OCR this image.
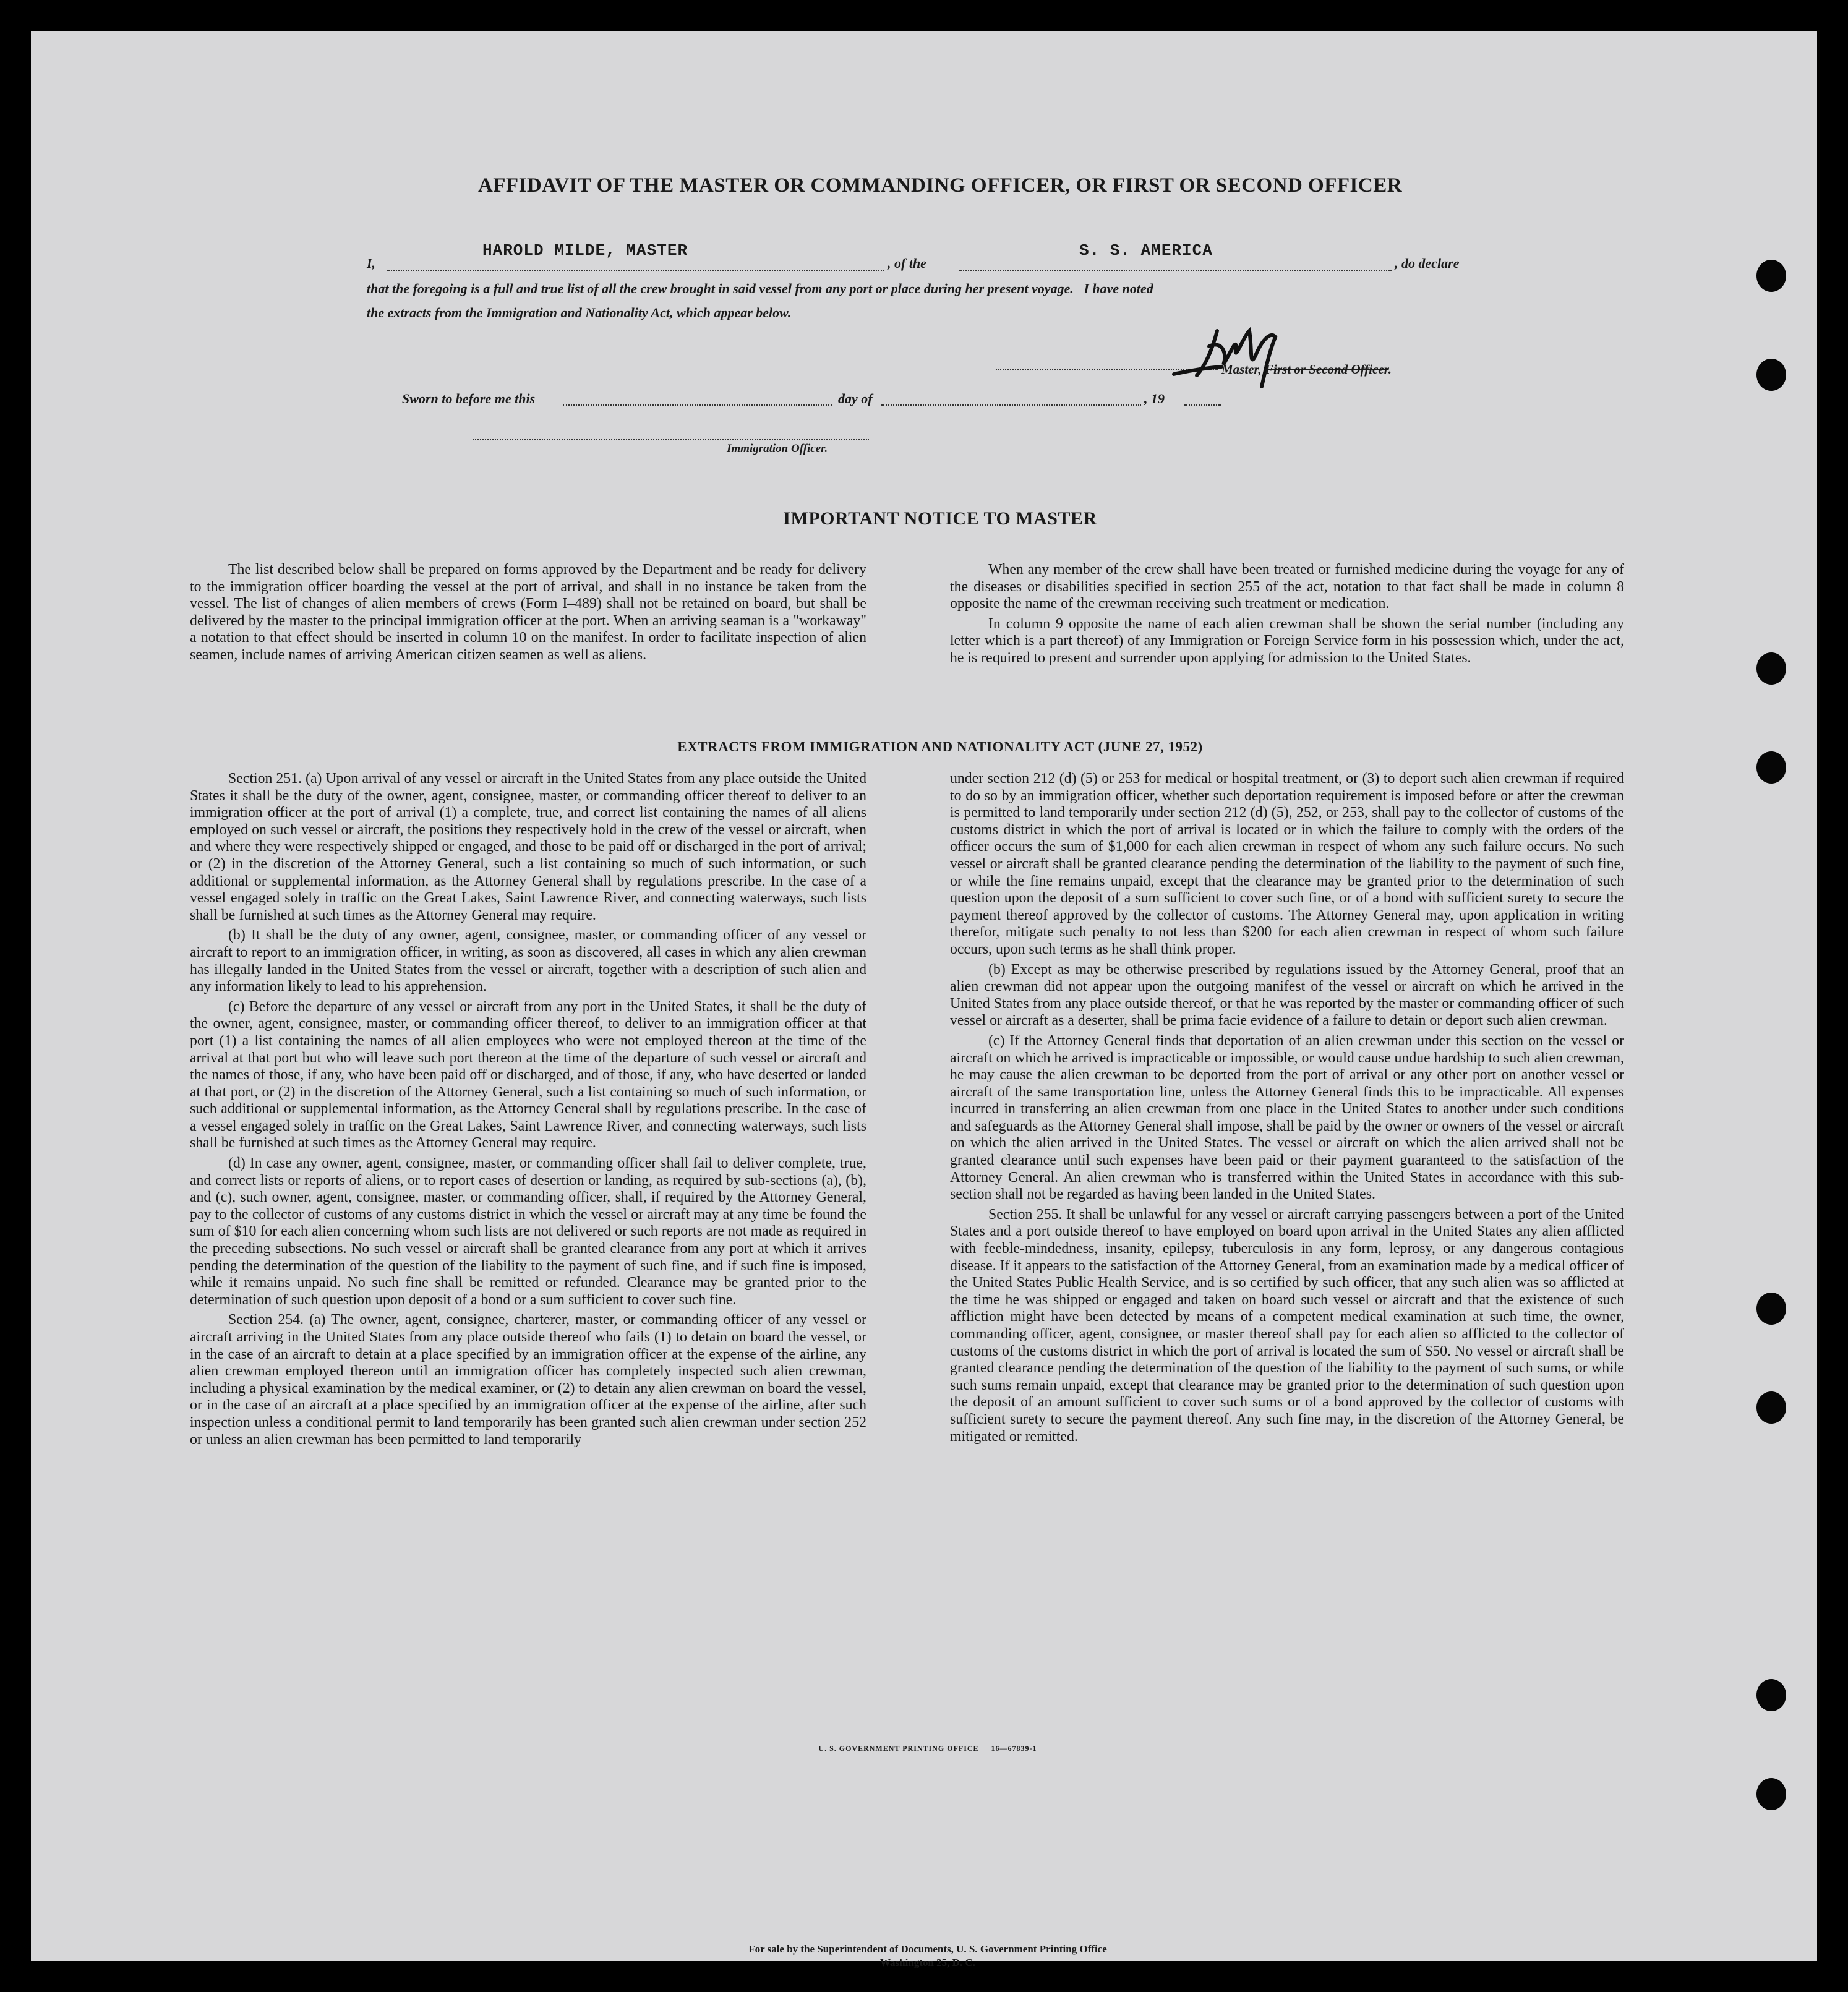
AFFIDAVIT OF THE MASTER OR COMMANDING OFFICER, OR FIRST OR SECOND OFFICER
I,
HAROLD MILDE, MASTER
, of the
S. S. AMERICA
, do declare
that the foregoing is a full and true list of all the crew brought in said vessel from any port or place during her present voyage.   I have noted
the extracts from the Immigration and Nationality Act, which appear below.
Master, First or Second Officer.
Sworn to before me this	day of	, 19
Immigration Officer.
IMPORTANT NOTICE TO MASTER

The list described below shall be prepared on forms approved by the Department and be ready for delivery to the immigration officer boarding the vessel at the port of arrival, and shall in no instance be taken from the vessel. The list of changes of alien members of crews (Form I–489) shall not be retained on board, but shall be delivered by the master to the principal immigration officer at the port. When an arriving seaman is a "workaway" a notation to that effect should be inserted in column 10 on the manifest. In order to facilitate inspection of alien seamen, include names of arriving American citizen seamen as well as aliens.

When any member of the crew shall have been treated or furnished medicine during the voyage for any of the diseases or disabilities specified in section 255 of the act, notation to that fact shall be made in column 8 opposite the name of the crewman receiving such treatment or medication.

In column 9 opposite the name of each alien crewman shall be shown the serial number (including any letter which is a part thereof) of any Immigration or Foreign Service form in his possession which, under the act, he is required to present and surrender upon applying for admission to the United States.

EXTRACTS FROM IMMIGRATION AND NATIONALITY ACT (JUNE 27, 1952)

Section 251. (a) Upon arrival of any vessel or aircraft in the United States from any place outside the United States it shall be the duty of the owner, agent, consignee, master, or commanding officer thereof to deliver to an immigration officer at the port of arrival (1) a complete, true, and correct list containing the names of all aliens employed on such vessel or aircraft, the positions they respectively hold in the crew of the vessel or aircraft, when and where they were respectively shipped or engaged, and those to be paid off or discharged in the port of arrival; or (2) in the discretion of the Attorney General, such a list containing so much of such information, or such additional or supplemental information, as the Attorney General shall by regulations prescribe. In the case of a vessel engaged solely in traffic on the Great Lakes, Saint Lawrence River, and connecting waterways, such lists shall be furnished at such times as the Attorney General may require.

(b) It shall be the duty of any owner, agent, consignee, master, or commanding officer of any vessel or aircraft to report to an immigration officer, in writing, as soon as discovered, all cases in which any alien crewman has illegally landed in the United States from the vessel or aircraft, together with a description of such alien and any information likely to lead to his apprehension.

(c) Before the departure of any vessel or aircraft from any port in the United States, it shall be the duty of the owner, agent, consignee, master, or commanding officer thereof, to deliver to an immigration officer at that port (1) a list containing the names of all alien employees who were not employed thereon at the time of the arrival at that port but who will leave such port thereon at the time of the departure of such vessel or aircraft and the names of those, if any, who have been paid off or discharged, and of those, if any, who have deserted or landed at that port, or (2) in the discretion of the Attorney General, such a list containing so much of such information, or such additional or supplemental information, as the Attorney General shall by regulations prescribe. In the case of a vessel engaged solely in traffic on the Great Lakes, Saint Lawrence River, and connecting waterways, such lists shall be furnished at such times as the Attorney General may require.

(d) In case any owner, agent, consignee, master, or commanding officer shall fail to deliver complete, true, and correct lists or reports of aliens, or to report cases of desertion or landing, as required by sub-sections (a), (b), and (c), such owner, agent, consignee, master, or commanding officer, shall, if required by the Attorney General, pay to the collector of customs of any customs district in which the vessel or aircraft may at any time be found the sum of $10 for each alien concerning whom such lists are not delivered or such reports are not made as required in the preceding subsections. No such vessel or aircraft shall be granted clearance from any port at which it arrives pending the determination of the question of the liability to the payment of such fine, and if such fine is imposed, while it remains unpaid. No such fine shall be remitted or refunded. Clearance may be granted prior to the determination of such question upon deposit of a bond or a sum sufficient to cover such fine.

Section 254. (a) The owner, agent, consignee, charterer, master, or commanding officer of any vessel or aircraft arriving in the United States from any place outside thereof who fails (1) to detain on board the vessel, or in the case of an aircraft to detain at a place specified by an immigration officer at the expense of the airline, any alien crewman employed thereon until an immigration officer has completely inspected such alien crewman, including a physical examination by the medical examiner, or (2) to detain any alien crewman on board the vessel, or in the case of an aircraft at a place specified by an immigration officer at the expense of the airline, after such inspection unless a conditional permit to land temporarily has been granted such alien crewman under section 252 or unless an alien crewman has been permitted to land temporarily

under section 212 (d) (5) or 253 for medical or hospital treatment, or (3) to deport such alien crewman if required to do so by an immigration officer, whether such deportation requirement is imposed before or after the crewman is permitted to land temporarily under section 212 (d) (5), 252, or 253, shall pay to the collector of customs of the customs district in which the port of arrival is located or in which the failure to comply with the orders of the officer occurs the sum of $1,000 for each alien crewman in respect of whom any such failure occurs. No such vessel or aircraft shall be granted clearance pending the determination of the liability to the payment of such fine, or while the fine remains unpaid, except that the clearance may be granted prior to the determination of such question upon the deposit of a sum sufficient to cover such fine, or of a bond with sufficient surety to secure the payment thereof approved by the collector of customs. The Attorney General may, upon application in writing therefor, mitigate such penalty to not less than $200 for each alien crewman in respect of whom such failure occurs, upon such terms as he shall think proper.

(b) Except as may be otherwise prescribed by regulations issued by the Attorney General, proof that an alien crewman did not appear upon the outgoing manifest of the vessel or aircraft on which he arrived in the United States from any place outside thereof, or that he was reported by the master or commanding officer of such vessel or aircraft as a deserter, shall be prima facie evidence of a failure to detain or deport such alien crewman.

(c) If the Attorney General finds that deportation of an alien crewman under this section on the vessel or aircraft on which he arrived is impracticable or impossible, or would cause undue hardship to such alien crewman, he may cause the alien crewman to be deported from the port of arrival or any other port on another vessel or aircraft of the same transportation line, unless the Attorney General finds this to be impracticable. All expenses incurred in transferring an alien crewman from one place in the United States to another under such conditions and safeguards as the Attorney General shall impose, shall be paid by the owner or owners of the vessel or aircraft on which the alien arrived in the United States. The vessel or aircraft on which the alien arrived shall not be granted clearance until such expenses have been paid or their payment guaranteed to the satisfaction of the Attorney General. An alien crewman who is transferred within the United States in accordance with this sub-section shall not be regarded as having been landed in the United States.

Section 255. It shall be unlawful for any vessel or aircraft carrying passengers between a port of the United States and a port outside thereof to have employed on board upon arrival in the United States any alien afflicted with feeble-mindedness, insanity, epilepsy, tuberculosis in any form, leprosy, or any dangerous contagious disease. If it appears to the satisfaction of the Attorney General, from an examination made by a medical officer of the United States Public Health Service, and is so certified by such officer, that any such alien was so afflicted at the time he was shipped or engaged and taken on board such vessel or aircraft and that the existence of such affliction might have been detected by means of a competent medical examination at such time, the owner, commanding officer, agent, consignee, or master thereof shall pay for each alien so afflicted to the collector of customs of the customs district in which the port of arrival is located the sum of $50. No vessel or aircraft shall be granted clearance pending the determination of the question of the liability to the payment of such sums, or while such sums remain unpaid, except that clearance may be granted prior to the determination of such question upon the deposit of an amount sufficient to cover such sums or of a bond approved by the collector of customs with sufficient surety to secure the payment thereof. Any such fine may, in the discretion of the Attorney General, be mitigated or remitted.

U. S. GOVERNMENT PRINTING OFFICE     16—67839-1
For sale by the Superintendent of Documents, U. S. Government Printing Office
Washington 25, D. C.
